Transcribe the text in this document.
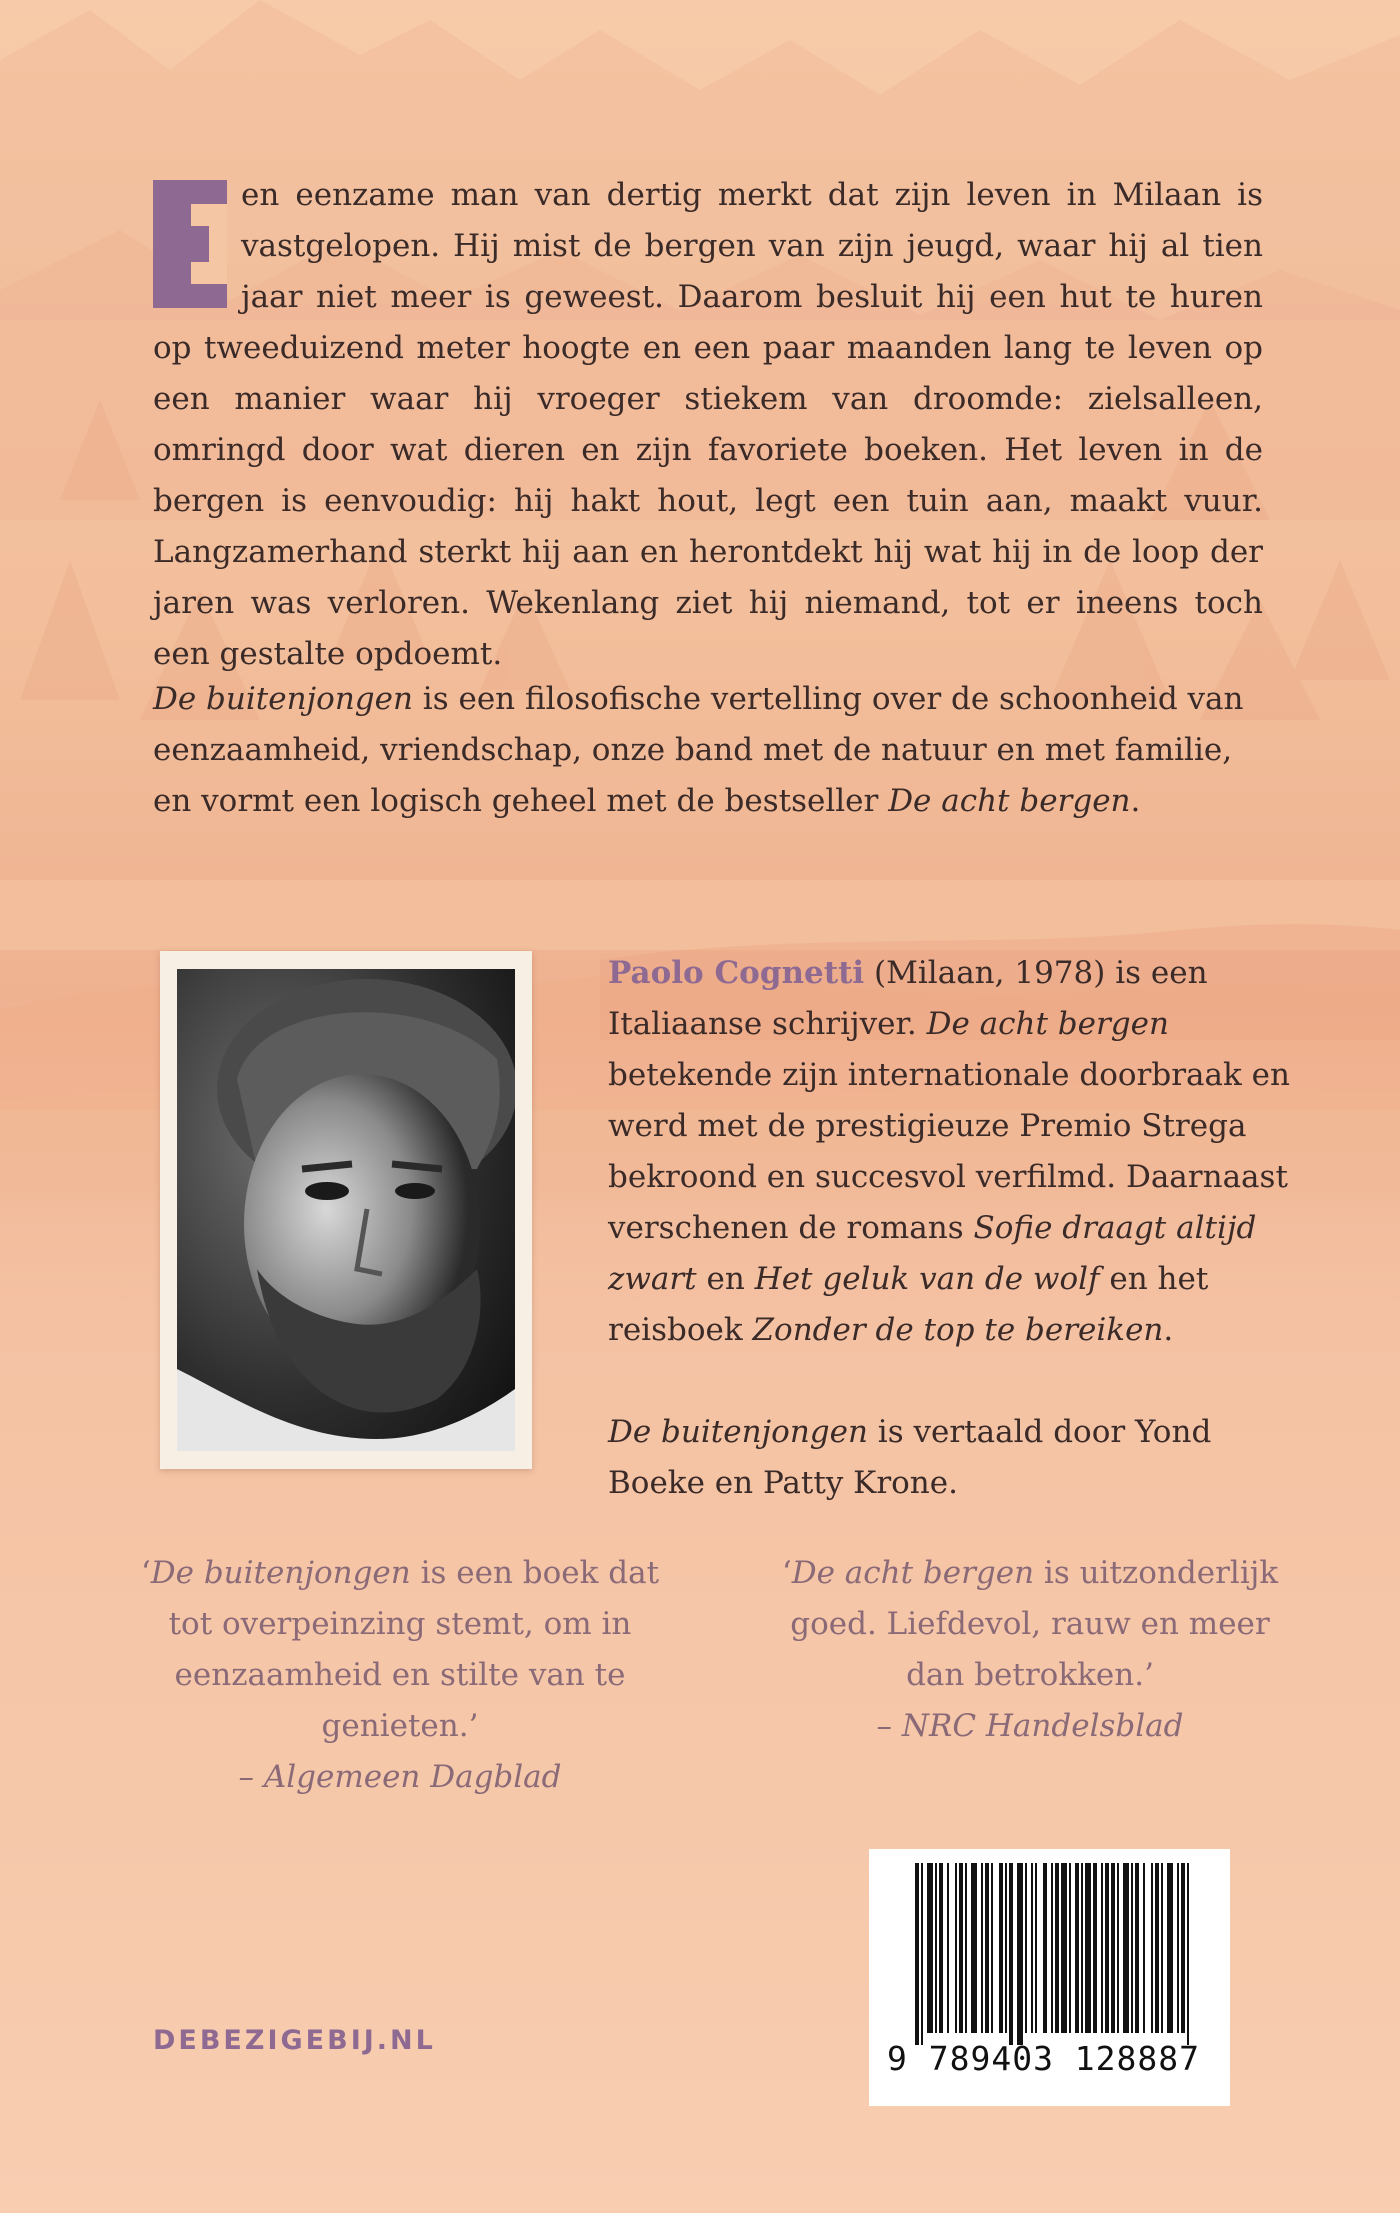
en eenzame man van dertig merkt dat zijn leven in Milaan is vastgelopen. Hij mist de bergen van zijn jeugd, waar hij al tien jaar niet meer is geweest. Daarom besluit hij een hut te huren op tweeduizend meter hoogte en een paar maanden lang te leven op een manier waar hij vroeger stiekem van droomde: zielsalleen, omringd door wat dieren en zijn favoriete boeken. Het leven in de bergen is eenvoudig: hij hakt hout, legt een tuin aan, maakt vuur. Langzamerhand sterkt hij aan en herontdekt hij wat hij in de loop der jaren was verloren. Wekenlang ziet hij niemand, tot er ineens toch een gestalte opdoemt.

De buitenjongen is een filosofische vertelling over de schoonheid van eenzaamheid, vriendschap, onze band met de natuur en met familie, en vormt een logisch geheel met de bestseller De acht bergen.

Paolo Cognetti (Milaan, 1978) is een Italiaanse schrijver. De acht bergen betekende zijn internationale doorbraak en werd met de prestigieuze Premio Strega bekroond en succesvol verfilmd. Daarnaast verschenen de romans Sofie draagt altijd zwart en Het geluk van de wolf en het reisboek Zonder de top te bereiken.

De buitenjongen is vertaald door Yond Boeke en Patty Krone.

‘De buitenjongen is een boek dat tot overpeinzing stemt, om in eenzaamheid en stilte van te genieten.’
– Algemeen Dagblad
‘De acht bergen is uitzonderlijk goed. Liefdevol, rauw en meer dan betrokken.’
– NRC Handelsblad
DEBEZIGEBIJ.NL	9 789403 128887
